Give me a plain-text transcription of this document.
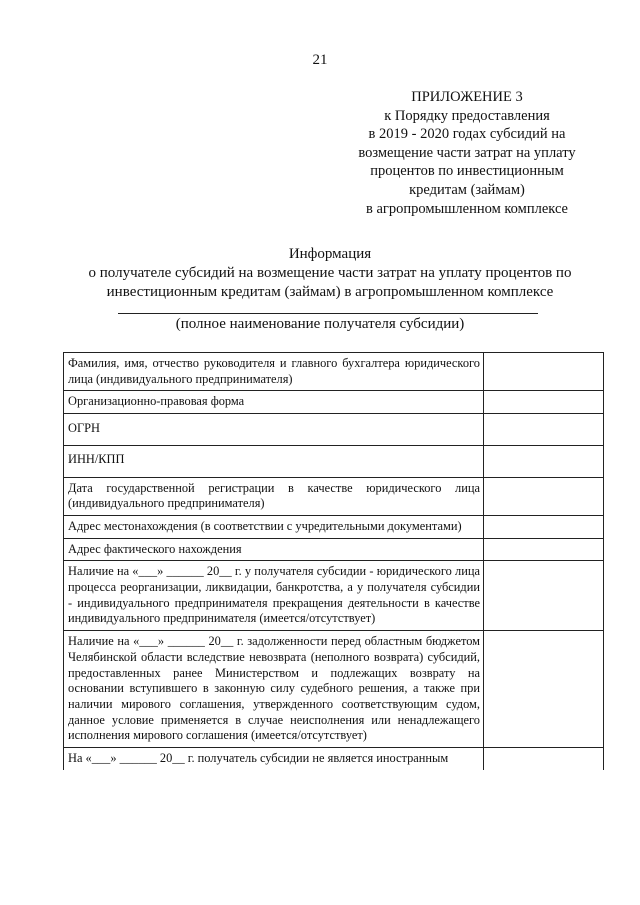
21
ПРИЛОЖЕНИЕ 3
к Порядку предоставления
в 2019 - 2020 годах субсидий на
возмещение части затрат на уплату
процентов по инвестиционным
кредитам (займам)
в агропромышленном комплексе
Информация
о получателе субсидий на возмещение части затрат на уплату процентов по
инвестиционным кредитам (займам) в агропромышленном комплексе
(полное наименование получателя субсидии)
Фамилия, имя, отчество руководителя и главного бухгалтера юридического лица (индивидуального предпринимателя)	
Организационно-правовая форма	
ОГРН	
ИНН/КПП	
Дата государственной регистрации в качестве юридического лица (индивидуального предпринимателя)	
Адрес местонахождения (в соответствии с учредительными документами)	
Адрес фактического нахождения	
Наличие на «___» ______ 20__ г. у получателя субсидии - юридического лица процесса реорганизации, ликвидации, банкротства, а у получателя субсидии - индивидуального предпринимателя прекращения деятельности в качестве индивидуального предпринимателя (имеется/отсутствует)	
Наличие на «___» ______ 20__ г. задолженности перед областным бюджетом Челябинской области вследствие невозврата (неполного возврата) субсидий, предоставленных ранее Министерством и подлежащих возврату на основании вступившего в законную силу судебного решения, а также при наличии мирового соглашения, утвержденного соответствующим судом, данное условие применяется в случае неисполнения или ненадлежащего исполнения мирового соглашения (имеется/отсутствует)	
На «___» ______ 20__ г. получатель субсидии не является иностранным	
